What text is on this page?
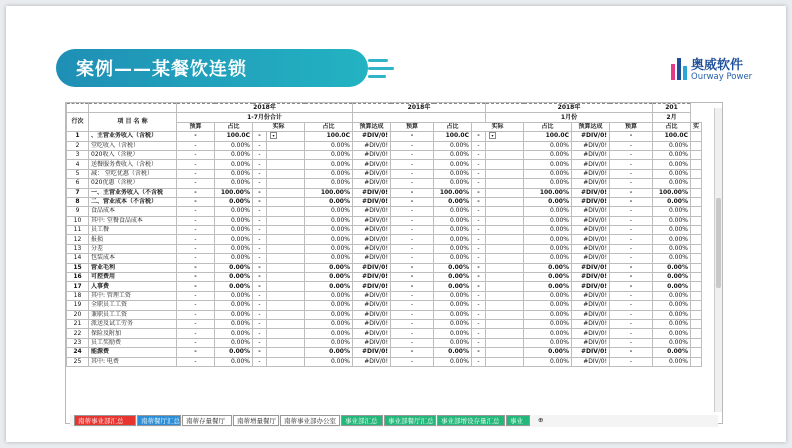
案例——某餐饮连锁	奥威软件
Ourway Power
		2018年					2018年				2018年				201	
行次	项 目 名 称	1-7月份合计									1月份				2月	
		预算	占比	实际		占比	预算达成	预算	占比	实际		占比	预算达成	预算	占比	实
1	、主营业务收入（含税）	-	100.0C	-	▾	100.0C	#DIV/0!	-	100.0C	-	▾	100.0C	#DIV/0!	-	100.0C	
2	堂吃收入（含税）	-	0.00%	-		0.00%	#DIV/0!	-	0.00%	-		0.00%	#DIV/0!	-	0.00%	
3	020收入（含税）	-	0.00%	-		0.00%	#DIV/0!	-	0.00%	-		0.00%	#DIV/0!	-	0.00%	
4	送餐服务费收入（含税）	-	0.00%	-		0.00%	#DIV/0!	-	0.00%	-		0.00%	#DIV/0!	-	0.00%	
5	减： 堂吃优惠（含税）	-	0.00%	-		0.00%	#DIV/0!	-	0.00%	-		0.00%	#DIV/0!	-	0.00%	
6	020优惠（含税）	-	0.00%	-		0.00%	#DIV/0!	-	0.00%	-		0.00%	#DIV/0!	-	0.00%	
7	一、主营业务收入（不含税	-	100.00%	-		100.00%	#DIV/0!	-	100.00%	-		100.00%	#DIV/0!	-	100.00%	
8	二、营业成本（不含税）	-	0.00%	-		0.00%	#DIV/0!	-	0.00%	-		0.00%	#DIV/0!	-	0.00%	
9	食品成本	-	0.00%	-		0.00%	#DIV/0!	-	0.00%	-		0.00%	#DIV/0!	-	0.00%	
10	其中: 堂餐食品成本	-	0.00%	-		0.00%	#DIV/0!	-	0.00%	-		0.00%	#DIV/0!	-	0.00%	
11	员工餐	-	0.00%	-		0.00%	#DIV/0!	-	0.00%	-		0.00%	#DIV/0!	-	0.00%	
12	报损	-	0.00%	-		0.00%	#DIV/0!	-	0.00%	-		0.00%	#DIV/0!	-	0.00%	
13	分差	-	0.00%	-		0.00%	#DIV/0!	-	0.00%	-		0.00%	#DIV/0!	-	0.00%	
14	包装成本	-	0.00%	-		0.00%	#DIV/0!	-	0.00%	-		0.00%	#DIV/0!	-	0.00%	
15	营业毛利	-	0.00%	-		0.00%	#DIV/0!	-	0.00%	-		0.00%	#DIV/0!	-	0.00%	
16	可控费用	-	0.00%	-		0.00%	#DIV/0!	-	0.00%	-		0.00%	#DIV/0!	-	0.00%	
17	人事费	-	0.00%	-		0.00%	#DIV/0!	-	0.00%	-		0.00%	#DIV/0!	-	0.00%	
18	其中: 管理工资	-	0.00%	-		0.00%	#DIV/0!	-	0.00%	-		0.00%	#DIV/0!	-	0.00%	
19	全职员工工资	-	0.00%	-		0.00%	#DIV/0!	-	0.00%	-		0.00%	#DIV/0!	-	0.00%	
20	兼职员工工资	-	0.00%	-		0.00%	#DIV/0!	-	0.00%	-		0.00%	#DIV/0!	-	0.00%	
21	派送及试工劳务	-	0.00%	-		0.00%	#DIV/0!	-	0.00%	-		0.00%	#DIV/0!	-	0.00%	
22	保险及附加	-	0.00%	-		0.00%	#DIV/0!	-	0.00%	-		0.00%	#DIV/0!	-	0.00%	
23	员工奖励费	-	0.00%	-		0.00%	#DIV/0!	-	0.00%	-		0.00%	#DIV/0!	-	0.00%	
24	能源费	-	0.00%	-		0.00%	#DIV/0!	-	0.00%	-		0.00%	#DIV/0!	-	0.00%	
25	其中: 电费	-	0.00%	-		0.00%	#DIV/0!	-	0.00%	-		0.00%	#DIV/0!	-	0.00%	
南蒂事业部汇总	南蒂餐厅汇总 南蒂存量餐厅	南蒂增量餐厅	南蒂事业部办公室	事业部汇总	事业部餐厅汇总	事业部增设存量汇总	事业	⊕
